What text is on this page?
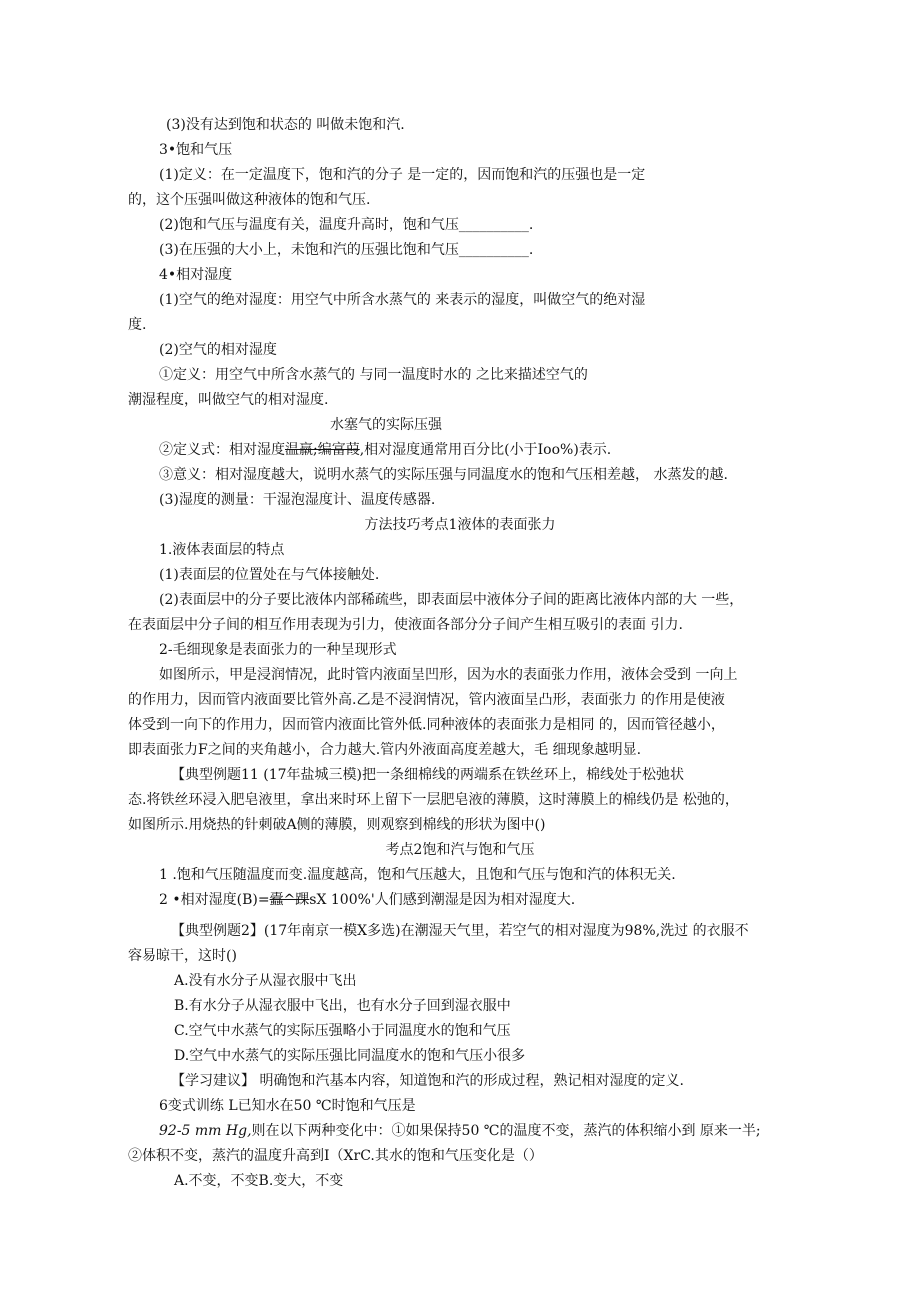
(3)没有达到饱和状态的 叫做未饱和汽.
3•饱和气压
(1)定义：在一定温度下，饱和汽的分子 是一定的，因而饱和汽的压强也是一定
的，这个压强叫做这种液体的饱和气压.
(2)饱和气压与温度有关，温度升高时，饱和气压__________.
(3)在压强的大小上，未饱和汽的压强比饱和气压__________.
4•相对湿度
(1)空气的绝对湿度：用空气中所含水蒸气的 来表示的湿度，叫做空气的绝对湿
度.
(2)空气的相对湿度
①定义：用空气中所含水蒸气的 与同一温度时水的 之比来描述空气的
潮湿程度，叫做空气的相对湿度.
水塞气的实际压强
②定义式：相对湿度温羸;编富葭,相对湿度通常用百分比(小于Ioo%)表示.
③意义：相对湿度越大，说明水蒸气的实际压强与同温度水的饱和气压相差越， 水蒸发的越.
(3)湿度的测量：干湿泡湿度计、温度传感器.
方法技巧考点1液体的表面张力
1.液体表面层的特点
(1)表面层的位置处在与气体接触处.
(2)表面层中的分子要比液体内部稀疏些，即表面层中液体分子间的距离比液体内部的大 一些，
在表面层中分子间的相互作用表现为引力，使液面各部分分子间产生相互吸引的表面 引力.
2-毛细现象是表面张力的一种呈现形式
如图所示，甲是浸润情况，此时管内液面呈凹形，因为水的表面张力作用，液体会受到 一向上
的作用力，因而管内液面要比管外高.乙是不浸润情况，管内液面呈凸形，表面张力 的作用是使液
体受到一向下的作用力，因而管内液面比管外低.同种液体的表面张力是相同 的，因而管径越小，
即表面张力F之间的夹角越小，合力越大.管内外液面高度差越大，毛 细现象越明显.
【典型例题11 (17年盐城三模)把一条细棉线的两端系在铁丝环上，棉线处于松弛状
态.将铁丝环浸入肥皂液里，拿出来时环上留下一层肥皂液的薄膜，这时薄膜上的棉线仍是 松弛的，
如图所示.用烧热的针刺破A侧的薄膜，则观察到棉线的形状为图中()
考点2饱和汽与饱和气压
1 .饱和气压随温度而变.温度越高，饱和气压越大，且饱和气压与饱和汽的体积无关.
2 •相对湿度(B)=蠹^踝sX 100%'人们感到潮湿是因为相对湿度大.
【典型例题2】(17年南京一模X多选)在潮湿天气里，若空气的相对湿度为98%,洗过 的衣服不
容易晾干，这时()
A.没有水分子从湿衣服中飞出
B.有水分子从湿衣服中飞出，也有水分子回到湿衣服中
C.空气中水蒸气的实际压强略小于同温度水的饱和气压
D.空气中水蒸气的实际压强比同温度水的饱和气压小很多
【学习建议】 明确饱和汽基本内容，知道饱和汽的形成过程，熟记相对湿度的定义.
6变式训练 L已知水在50 ℃时饱和气压是
92-5 mm Hg,则在以下两种变化中：①如果保持50 ℃的温度不变，蒸汽的体积缩小到 原来一半;
②体积不变，蒸汽的温度升高到I（XrC.其水的饱和气压变化是（）
A.不变，不变B.变大，不变
